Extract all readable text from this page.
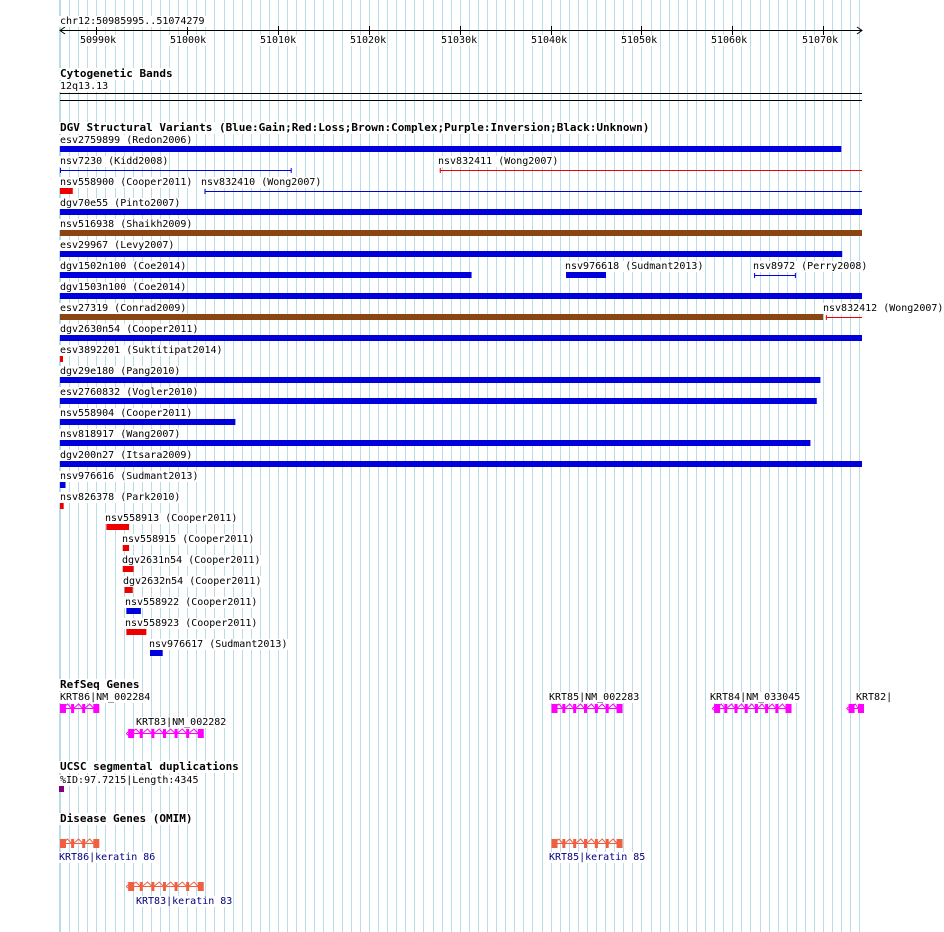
chr12:50985995..51074279
50990k	51000k	51010k	51020k	51030k	51040k	51050k	51060k	51070k
Cytogenetic Bands
12q13.13
DGV Structural Variants (Blue:Gain;Red:Loss;Brown:Complex;Purple:Inversion;Black:Unknown)
esv2759899 (Redon2006)
nsv7230 (Kidd2008)	nsv832411 (Wong2007)
nsv558900 (Cooper2011) nsv832410 (Wong2007)
dgv70e55 (Pinto2007)
nsv516938 (Shaikh2009)
esv29967 (Levy2007)
dgv1502n100 (Coe2014)	nsv976618 (Sudmant2013)	nsv8972 (Perry2008)
dgv1503n100 (Coe2014)
esv27319 (Conrad2009)	nsv832412 (Wong2007)
dgv2630n54 (Cooper2011)
esv3892201 (Suktitipat2014)
dgv29e180 (Pang2010)
esv2760832 (Vogler2010)
nsv558904 (Cooper2011)
nsv818917 (Wang2007)
dgv200n27 (Itsara2009)
nsv976616 (Sudmant2013)
nsv826378 (Park2010)
nsv558913 (Cooper2011)
nsv558915 (Cooper2011)
dgv2631n54 (Cooper2011)
dgv2632n54 (Cooper2011)
nsv558922 (Cooper2011)
nsv558923 (Cooper2011)
nsv976617 (Sudmant2013)
RefSeq Genes
KRT86|NM_002284	KRT85|NM_002283	KRT84|NM_033045	KRT82|
KRT83|NM_002282
UCSC segmental duplications
%ID:97.7215|Length:4345
Disease Genes (OMIM)
KRT86|keratin 86	KRT85|keratin 85
KRT83|keratin 83
